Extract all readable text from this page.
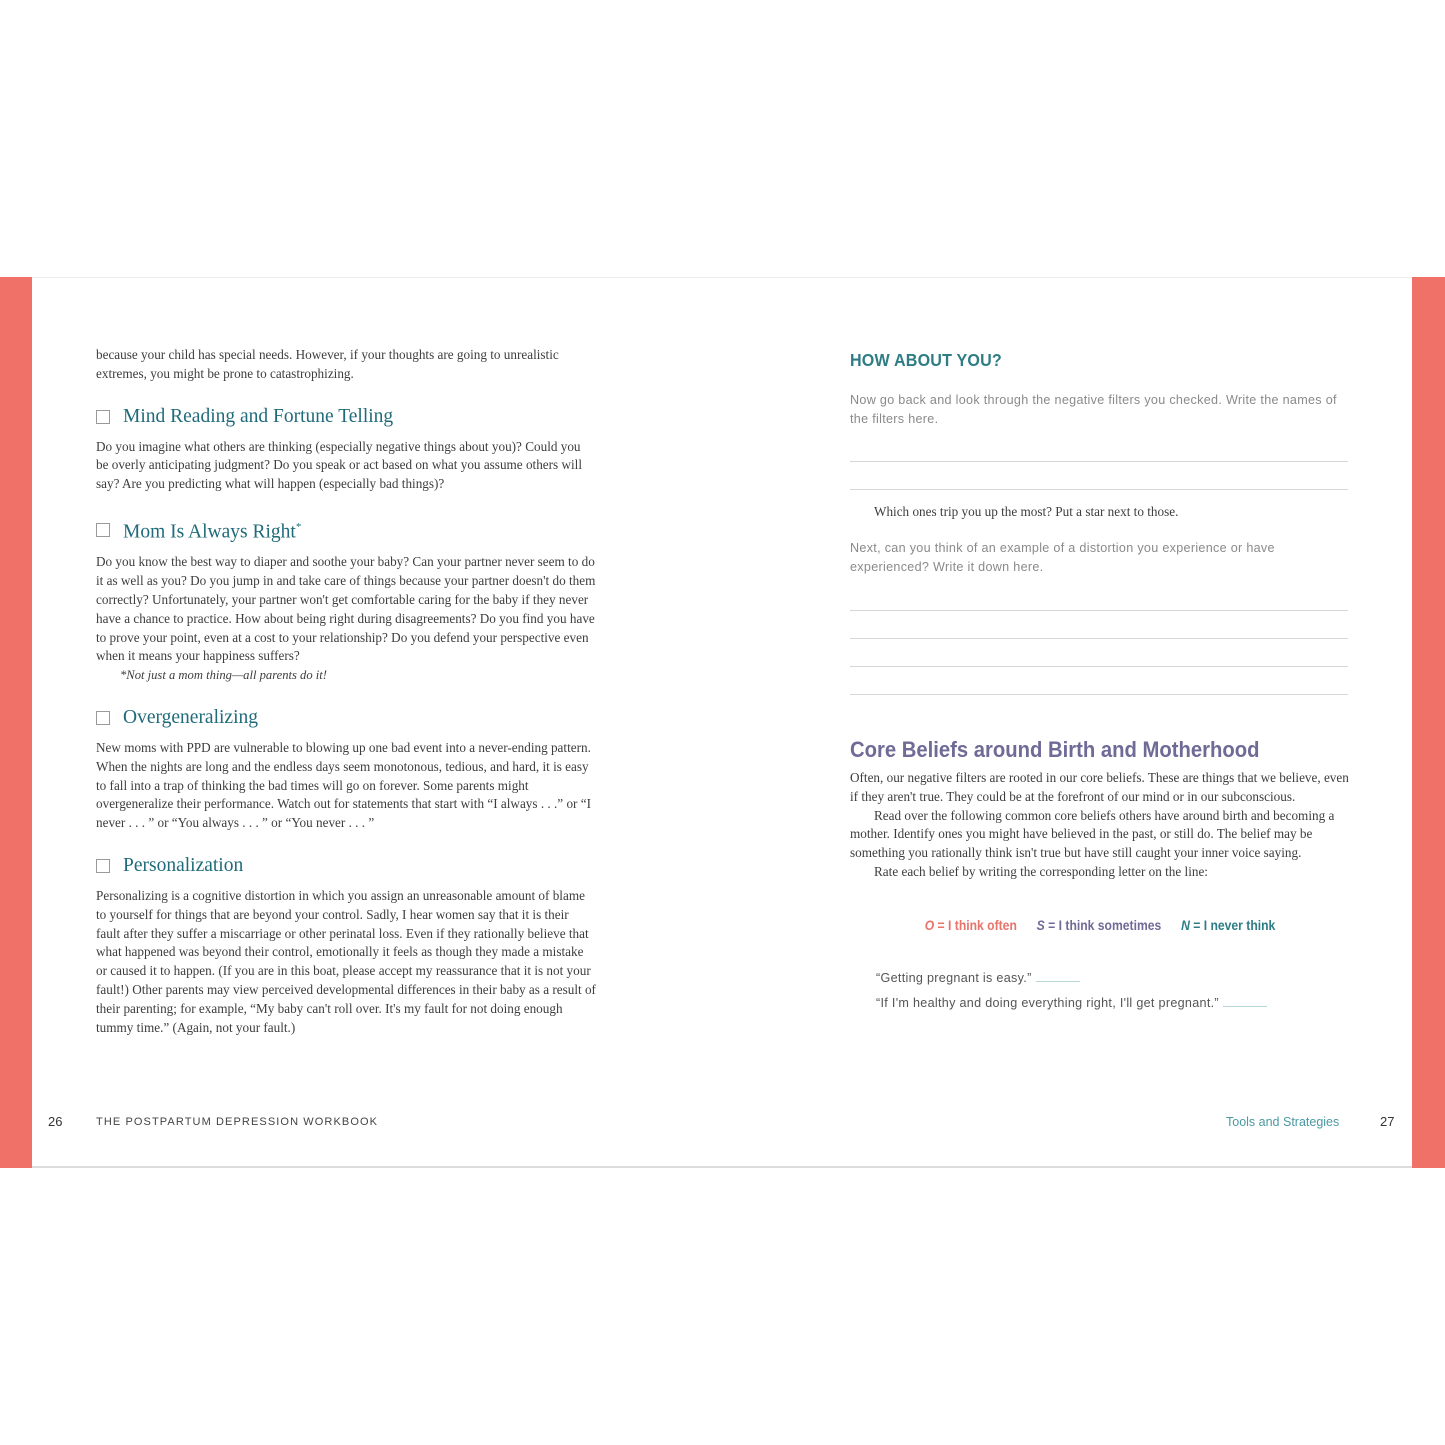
because your child has special needs. However, if your thoughts are going to unrealistic extremes, you might be prone to catastrophizing.

Mind Reading and Fortune Telling

Do you imagine what others are thinking (especially negative things about you)? Could you be overly anticipating judgment? Do you speak or act based on what you assume others will say? Are you predicting what will happen (especially bad things)?

Mom Is Always Right*

Do you know the best way to diaper and soothe your baby? Can your partner never seem to do it as well as you? Do you jump in and take care of things because your partner doesn't do them correctly? Unfortunately, your partner won't get comfortable caring for the baby if they never have a chance to practice. How about being right during disagreements? Do you find you have to prove your point, even at a cost to your relationship? Do you defend your perspective even when it means your happiness suffers?

*Not just a mom thing—all parents do it!

Overgeneralizing

New moms with PPD are vulnerable to blowing up one bad event into a never-ending pattern. When the nights are long and the endless days seem monotonous, tedious, and hard, it is easy to fall into a trap of thinking the bad times will go on forever. Some parents might overgeneralize their performance. Watch out for statements that start with “I always . . .” or “I never . . . ” or “You always . . . ” or “You never . . . ”

Personalization

Personalizing is a cognitive distortion in which you assign an unreasonable amount of blame to yourself for things that are beyond your control. Sadly, I hear women say that it is their fault after they suffer a miscarriage or other perinatal loss. Even if they rationally believe that what happened was beyond their control, emotionally it feels as though they made a mistake or caused it to happen. (If you are in this boat, please accept my reassurance that it is not your fault!) Other parents may view perceived developmental differences in their baby as a result of their parenting; for example, “My baby can't roll over. It's my fault for not doing enough tummy time.” (Again, not your fault.)

26	THE POSTPARTUM DEPRESSION WORKBOOK
HOW ABOUT YOU?

Now go back and look through the negative filters you checked. Write the names of the filters here.

Which ones trip you up the most? Put a star next to those.

Next, can you think of an example of a distortion you experience or have experienced? Write it down here.

Core Beliefs around Birth and Motherhood

Often, our negative filters are rooted in our core beliefs. These are things that we believe, even if they aren't true. They could be at the forefront of our mind or in our subconscious.

Read over the following common core beliefs others have around birth and becoming a mother. Identify ones you might have believed in the past, or still do. The belief may be something you rationally think isn't true but have still caught your inner voice saying.

Rate each belief by writing the corresponding letter on the line:

O = I think often S = I think sometimes N = I never think
“Getting pregnant is easy.”
“If I'm healthy and doing everything right, I'll get pregnant.”
Tools and Strategies	27
